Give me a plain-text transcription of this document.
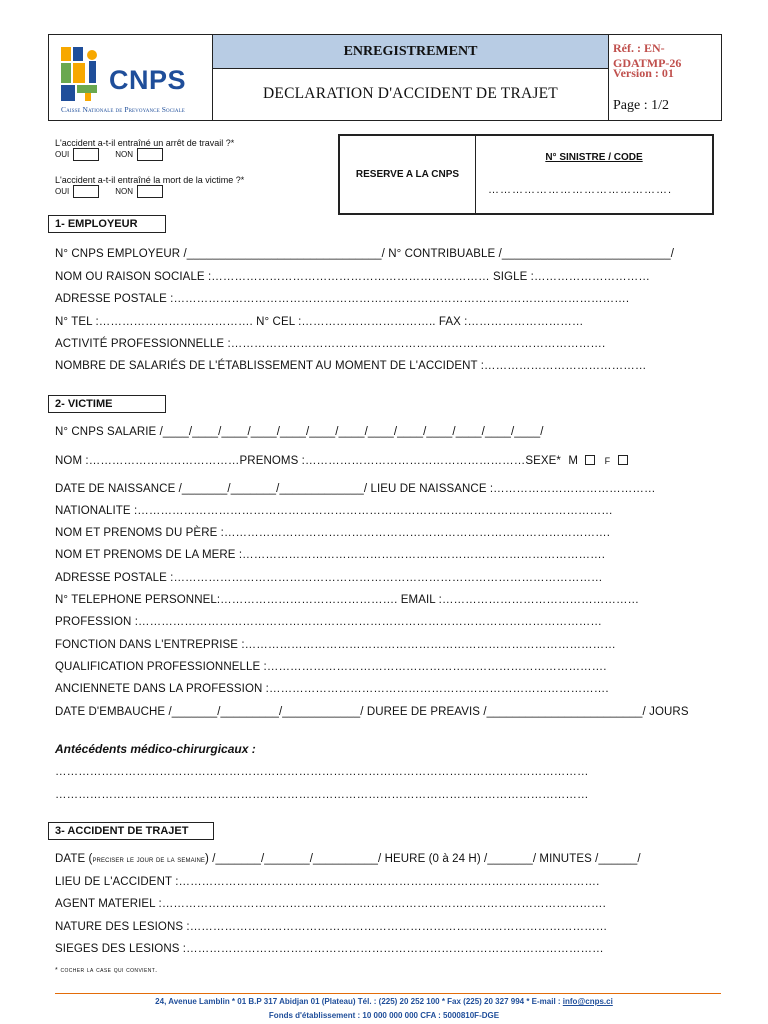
CNPS
Caisse Nationale de Prevoyance Sociale
ENREGISTREMENT
DECLARATION D'ACCIDENT DE TRAJET
Réf. : EN-GDATMP-26
Version : 01
Page : 1/2
L'accident a-t-il entraîné un arrêt de travail ?*
OUI	NON
L'accident a-t-il entraîné la mort de la victime ?*
OUI	NON
RESERVE A LA CNPS
N° SINISTRE / CODE
……………………………………….
1- EMPLOYEUR
N° CNPS EMPLOYEUR /______________________________/ N° CONTRIBUABLE /__________________________/
NOM OU RAISON SOCIALE :……………………………………………………………… SIGLE :…………………………
ADRESSE POSTALE :……………………………………………………………………………………………………….
N° TEL :…………………………………. N° CEL :…………………………….. FAX :…………………………
ACTIVITÉ PROFESSIONNELLE :…………………………………………………………………………………….
NOMBRE DE SALARIÉS DE L'ÉTABLISSEMENT AU MOMENT DE L'ACCIDENT :……………………………………
2- VICTIME
N° CNPS SALARIE /____/____/____/____/____/____/____/____/____/____/____/____/____/
NOM :…………………………………PRENOMS :…………………………………………………SEXE* M	F
DATE DE NAISSANCE /_______/_______/_____________/ LIEU DE NAISSANCE :……………………………………
NATIONALITE :……………………………………………………………………………………………………………
NOM ET PRENOMS DU PÈRE :……………………………………………………………………………………….
NOM ET PRENOMS DE LA MERE :………………………………………………………………………………….
ADRESSE POSTALE :…………………………………………………………………………………………………
N° TELEPHONE PERSONNEL:………………………………………. EMAIL :……………………………………………
PROFESSION :…………………………………………………………………………………………………………
FONCTION DANS L'ENTREPRISE :……………………………………………………………………………………
QUALIFICATION PROFESSIONNELLE :…………………………………………………………………………….
ANCIENNETE DANS LA PROFESSION :…………………………………………………………………………….
DATE D'EMBAUCHE /_______/_________/____________/ DUREE DE PREAVIS /________________________/ JOURS
Antécédents médico-chirurgicaux :
…………………………………………………………………………………………………………………………
…………………………………………………………………………………………………………………………
3- ACCIDENT DE TRAJET
DATE (preciser le jour de la semaine) /_______/_______/__________/ HEURE (0 à 24 H) /_______/ MINUTES /______/
LIEU DE L'ACCIDENT :……………………………………………………………………………………………….
AGENT MATERIEL :…………………………………………………………………………………………………….
NATURE DES LESIONS :………………………………………………………………………………………………
SIEGES DES LESIONS :………………………………………………………………………………………………
* cocher la case qui convient.
24, Avenue Lamblin * 01 B.P 317 Abidjan 01 (Plateau) Tél. : (225) 20 252 100 * Fax (225) 20 327 994 * E-mail : info@cnps.ci
Fonds d'établissement : 10 000 000 000 CFA : 5000810F-DGE
